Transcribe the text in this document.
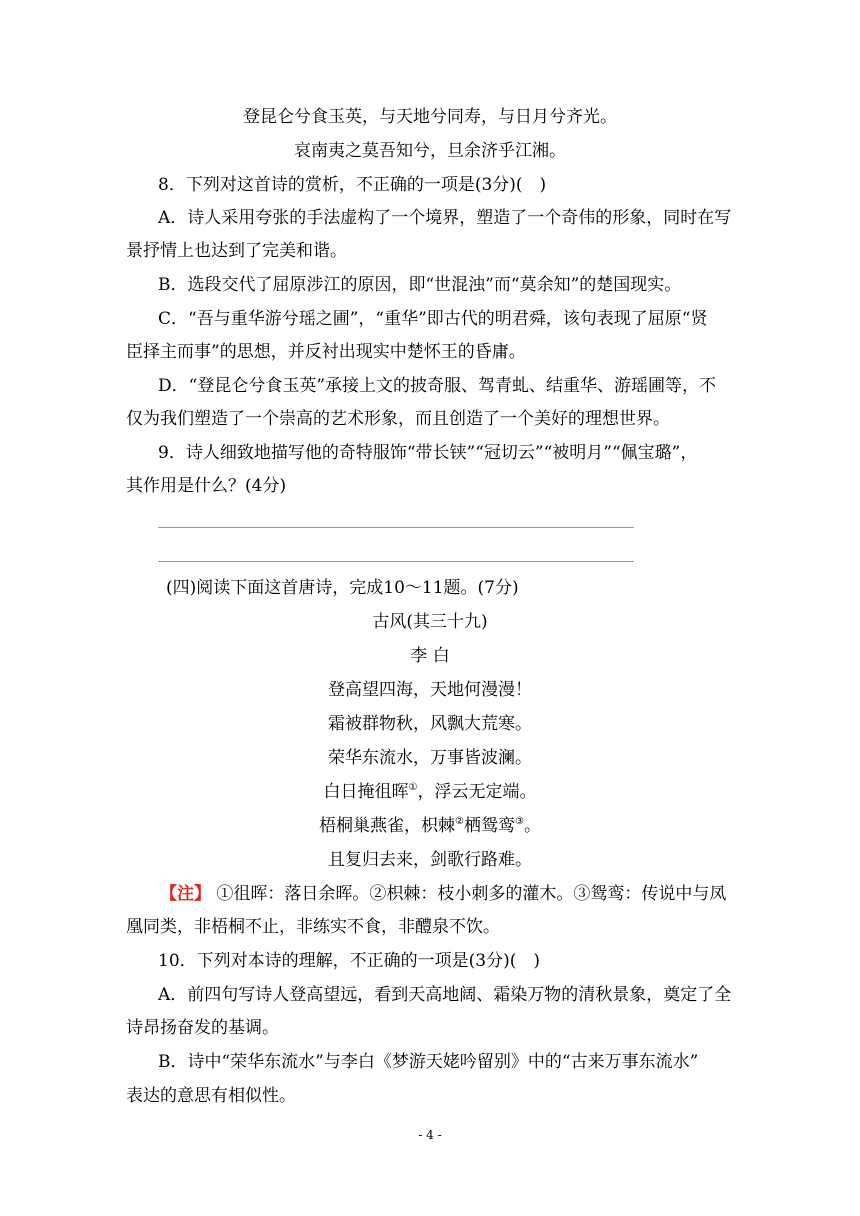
登昆仑兮食玉英，与天地兮同寿，与日月兮齐光。
哀南夷之莫吾知兮，旦余济乎江湘。
8．下列对这首诗的赏析，不正确的一项是(3分)(　)
A．诗人采用夸张的手法虚构了一个境界，塑造了一个奇伟的形象，同时在写
景抒情上也达到了完美和谐。
B．选段交代了屈原涉江的原因，即“世混浊”而“莫余知”的楚国现实。
C．“吾与重华游兮瑶之圃”，“重华”即古代的明君舜，该句表现了屈原“贤
臣择主而事”的思想，并反衬出现实中楚怀王的昏庸。
D．“登昆仑兮食玉英”承接上文的披奇服、驾青虬、结重华、游瑶圃等，不
仅为我们塑造了一个崇高的艺术形象，而且创造了一个美好的理想世界。
9．诗人细致地描写他的奇特服饰“带长铗”“冠切云”“被明月”“佩宝璐”，
其作用是什么？(4分)
(四)阅读下面这首唐诗，完成10～11题。(7分)
古风(其三十九)
李 白
登高望四海，天地何漫漫！
霜被群物秋，风飘大荒寒。
荣华东流水，万事皆波澜。
白日掩徂晖①，浮云无定端。
梧桐巢燕雀，枳棘②栖鸳鸾③。
且复归去来，剑歌行路难。
【注】 ①徂晖：落日余晖。②枳棘：枝小刺多的灌木。③鸳鸾：传说中与凤
凰同类，非梧桐不止，非练实不食，非醴泉不饮。
10．下列对本诗的理解，不正确的一项是(3分)(　)
A．前四句写诗人登高望远，看到天高地阔、霜染万物的清秋景象，奠定了全
诗昂扬奋发的基调。
B．诗中“荣华东流水”与李白《梦游天姥吟留别》中的“古来万事东流水”
表达的意思有相似性。
- 4 -
